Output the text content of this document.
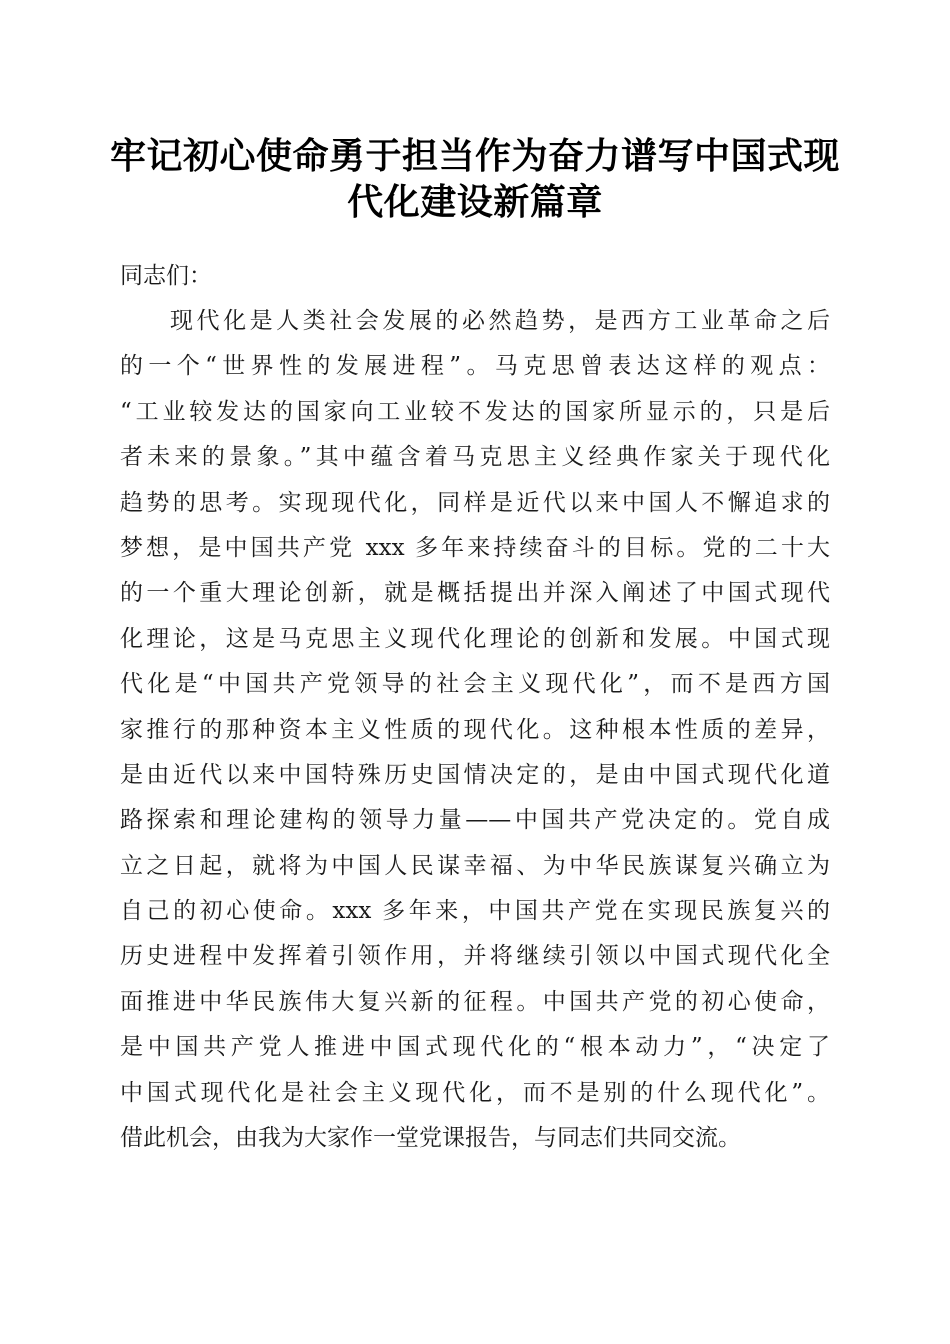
牢记初心使命勇于担当作为奋力谱写中国式现
代化建设新篇章

同志们：

现代化是人类社会发展的必然趋势，是西方工业革命之后
的一个“世界性的发展进程”。马克思曾表达这样的观点：
“工业较发达的国家向工业较不发达的国家所显示的，只是后
者未来的景象。”其中蕴含着马克思主义经典作家关于现代化
趋势的思考。实现现代化，同样是近代以来中国人不懈追求的
梦想，是中国共产党 xxx 多年来持续奋斗的目标。党的二十大
的一个重大理论创新，就是概括提出并深入阐述了中国式现代
化理论，这是马克思主义现代化理论的创新和发展。中国式现
代化是“中国共产党领导的社会主义现代化”，而不是西方国
家推行的那种资本主义性质的现代化。这种根本性质的差异，
是由近代以来中国特殊历史国情决定的，是由中国式现代化道
路探索和理论建构的领导力量——中国共产党决定的。党自成
立之日起，就将为中国人民谋幸福、为中华民族谋复兴确立为
自己的初心使命。xxx 多年来，中国共产党在实现民族复兴的
历史进程中发挥着引领作用，并将继续引领以中国式现代化全
面推进中华民族伟大复兴新的征程。中国共产党的初心使命，
是中国共产党人推进中国式现代化的“根本动力”，“决定了
中国式现代化是社会主义现代化，而不是别的什么现代化”。
借此机会，由我为大家作一堂党课报告，与同志们共同交流。
